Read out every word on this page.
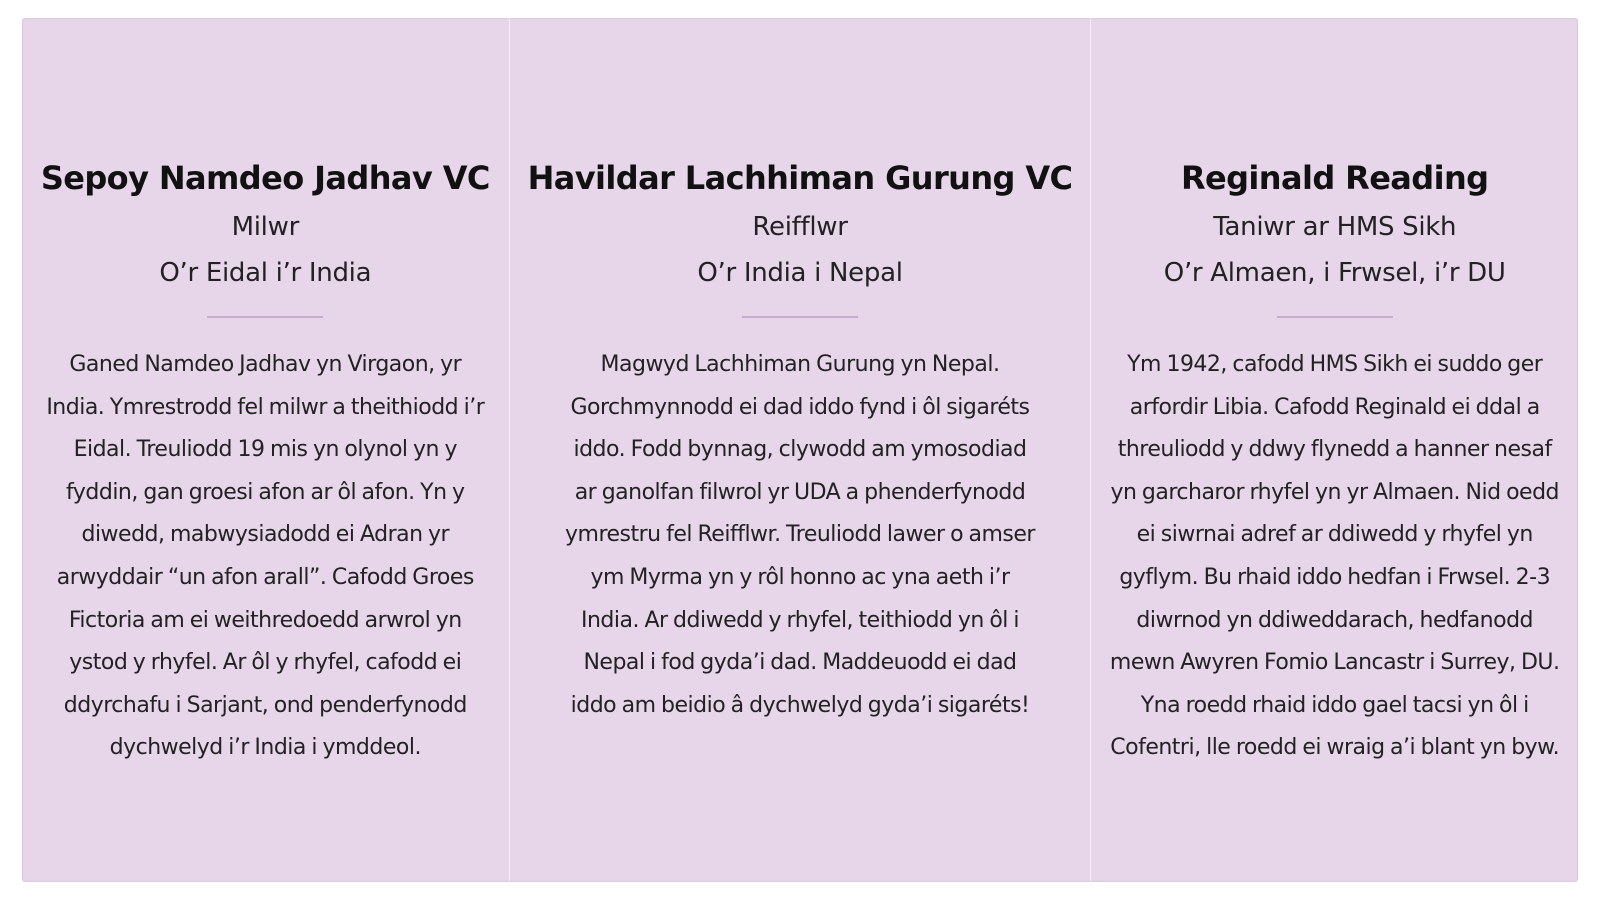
Sepoy Namdeo Jadhav VC

Milwr

O’r Eidal i’r India

Ganed Namdeo Jadhav yn Virgaon, yr India. Ymrestrodd fel milwr a theithiodd i’r Eidal. Treuliodd 19 mis yn olynol yn y fyddin, gan groesi afon ar ôl afon. Yn y diwedd, mabwysiadodd ei Adran yr arwyddair “un afon arall”. Cafodd Groes Fictoria am ei weithredoedd arwrol yn ystod y rhyfel. Ar ôl y rhyfel, cafodd ei ddyrchafu i Sarjant, ond penderfynodd dychwelyd i’r India i ymddeol.

Havildar Lachhiman Gurung VC

Reifflwr

O’r India i Nepal

Magwyd Lachhiman Gurung yn Nepal. Gorchmynnodd ei dad iddo fynd i ôl sigaréts iddo. Fodd bynnag, clywodd am ymosodiad ar ganolfan filwrol yr UDA a phenderfynodd ymrestru fel Reifflwr. Treuliodd lawer o amser ym Myrma yn y rôl honno ac yna aeth i’r India. Ar ddiwedd y rhyfel, teithiodd yn ôl i Nepal i fod gyda’i dad. Maddeuodd ei dad iddo am beidio â dychwelyd gyda’i sigaréts!

Reginald Reading

Taniwr ar HMS Sikh

O’r Almaen, i Frwsel, i’r DU

Ym 1942, cafodd HMS Sikh ei suddo ger arfordir Libia. Cafodd Reginald ei ddal a threuliodd y ddwy flynedd a hanner nesaf yn garcharor rhyfel yn yr Almaen. Nid oedd ei siwrnai adref ar ddiwedd y rhyfel yn gyflym. Bu rhaid iddo hedfan i Frwsel. 2-3 diwrnod yn ddiweddarach, hedfanodd mewn Awyren Fomio Lancastr i Surrey, DU. Yna roedd rhaid iddo gael tacsi yn ôl i Cofentri, lle roedd ei wraig a’i blant yn byw.
